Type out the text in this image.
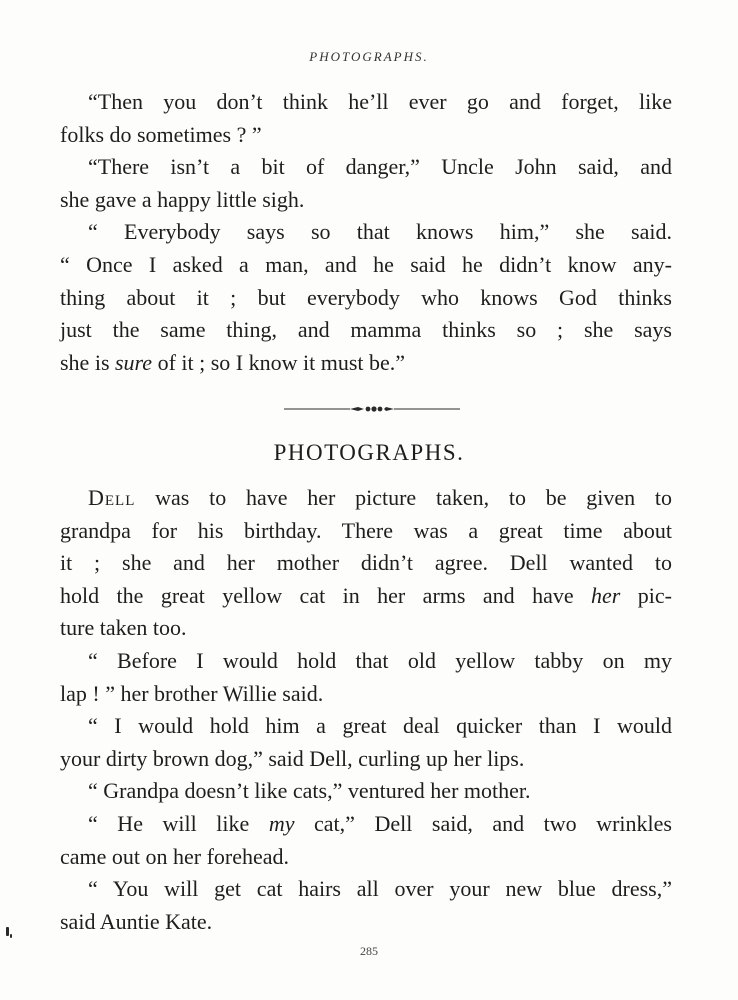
PHOTOGRAPHS.
“Then you don’t think he’ll ever go and forget, like
folks do sometimes ? ”
“There isn’t a bit of danger,” Uncle John said, and
she gave a happy little sigh.
“ Everybody says so that knows him,” she said.
“ Once I asked a man, and he said he didn’t know any-
thing about it ; but everybody who knows God thinks
just the same thing, and mamma thinks so ; she says
she is sure of it ; so I know it must be.”
PHOTOGRAPHS.
Dell was to have her picture taken, to be given to
grandpa for his birthday. There was a great time about
it ; she and her mother didn’t agree. Dell wanted to
hold the great yellow cat in her arms and have her pic-
ture taken too.
“ Before I would hold that old yellow tabby on my
lap ! ” her brother Willie said.
“ I would hold him a great deal quicker than I would
your dirty brown dog,” said Dell, curling up her lips.
“ Grandpa doesn’t like cats,” ventured her mother.
“ He will like my cat,” Dell said, and two wrinkles
came out on her forehead.
“ You will get cat hairs all over your new blue dress,”
said Auntie Kate.
285
